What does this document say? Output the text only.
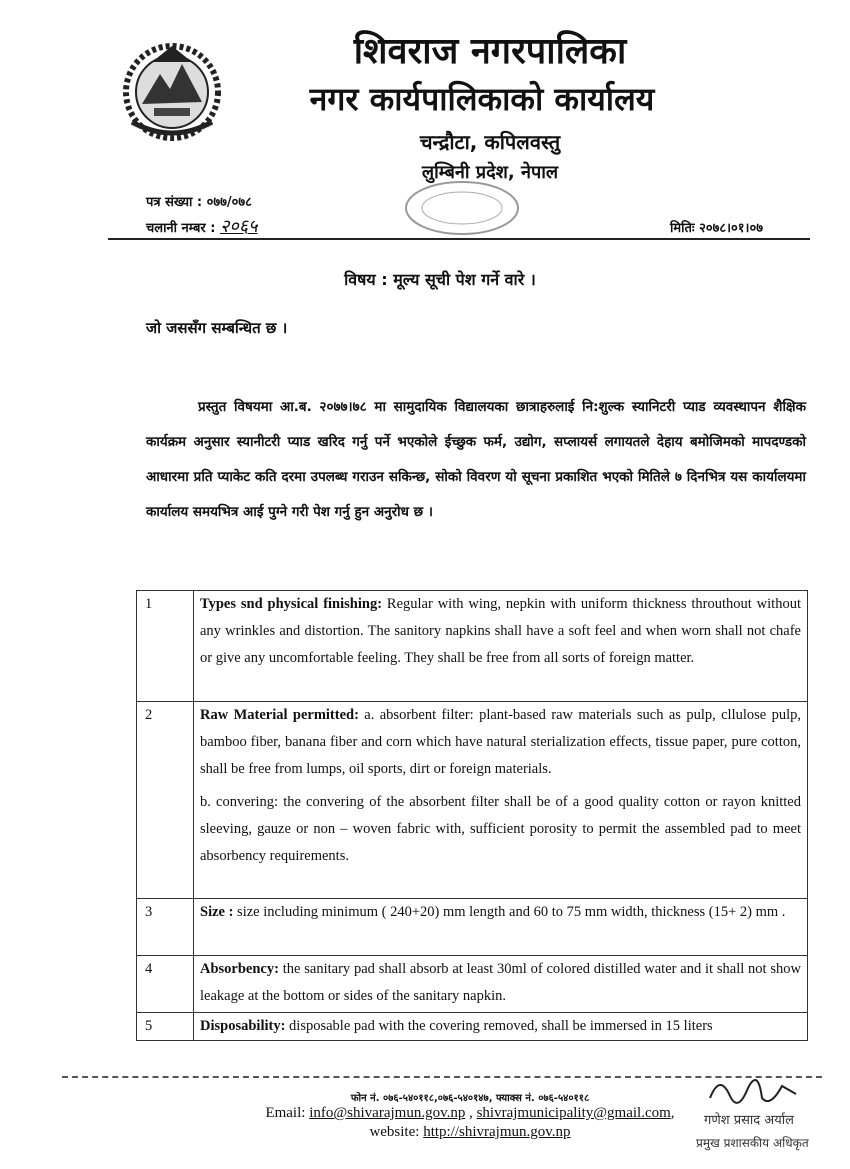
शिवराज नगरपालिका
नगर कार्यपालिकाको कार्यालय
चन्द्रौटा, कपिलवस्तु
लुम्बिनी प्रदेश, नेपाल
पत्र संख्या : ०७७/०७८
चलानी नम्बर : २०६५	मितिः २०७८।०१।०७
विषय : मूल्य सूची पेश गर्ने वारे ।
जो जससँग सम्बन्धित छ ।
प्रस्तुत विषयमा आ.ब. २०७७।७८ मा सामुदायिक विद्यालयका छात्राहरुलाई नि:शुल्क स्यानिटरी प्याड व्यवस्थापन शैक्षिक कार्यक्रम अनुसार स्यानीटरी प्याड खरिद गर्नु पर्ने भएकोले ईच्छुक फर्म, उद्योग, सप्लायर्स लगायतले देहाय बमोजिमको मापदण्डको आधारमा प्रति प्याकेट कति दरमा उपलब्ध गराउन सकिन्छ, सोको विवरण यो सूचना प्रकाशित भएको मितिले ७ दिनभित्र यस कार्यालयमा कार्यालय समयभित्र आई पुग्ने गरी पेश गर्नु हुन अनुरोध छ ।
1	Types snd physical finishing: Regular with wing, nepkin with uniform thickness throuthout without any wrinkles and distortion. The sanitory napkins shall have a soft feel and when worn shall not chafe or give any uncomfortable feeling. They shall be free from all sorts of foreign matter.
2	Raw Material permitted: a. absorbent filter: plant-based raw materials such as pulp, cllulose pulp, bamboo fiber, banana fiber and corn which have natural sterialization effects, tissue paper, pure cotton, shall be free from lumps, oil sports, dirt or foreign materials.
b. convering: the convering of the absorbent filter shall be of a good quality cotton or rayon knitted sleeving, gauze or non – woven fabric with, sufficient porosity to permit the assembled pad to meet absorbency requirements.

3	Size : size including minimum ( 240+20) mm length and 60 to 75 mm width, thickness (15+ 2) mm .
4	Absorbency: the sanitary pad shall absorb at least 30ml of colored distilled water and it shall not show leakage at the bottom or sides of the sanitary napkin.
5	Disposability: disposable pad with the covering removed, shall be immersed in 15 liters
फोन नं. ०७६-५४०११८,०७६-५४०१४७, फ्याक्स नं. ०७६-५४०११८
Email: info@shivarajmun.gov.np , shivrajmunicipality@gmail.com,
website: http://shivrajmun.gov.np
गणेश प्रसाद अर्याल
प्रमुख प्रशासकीय अधिकृत
